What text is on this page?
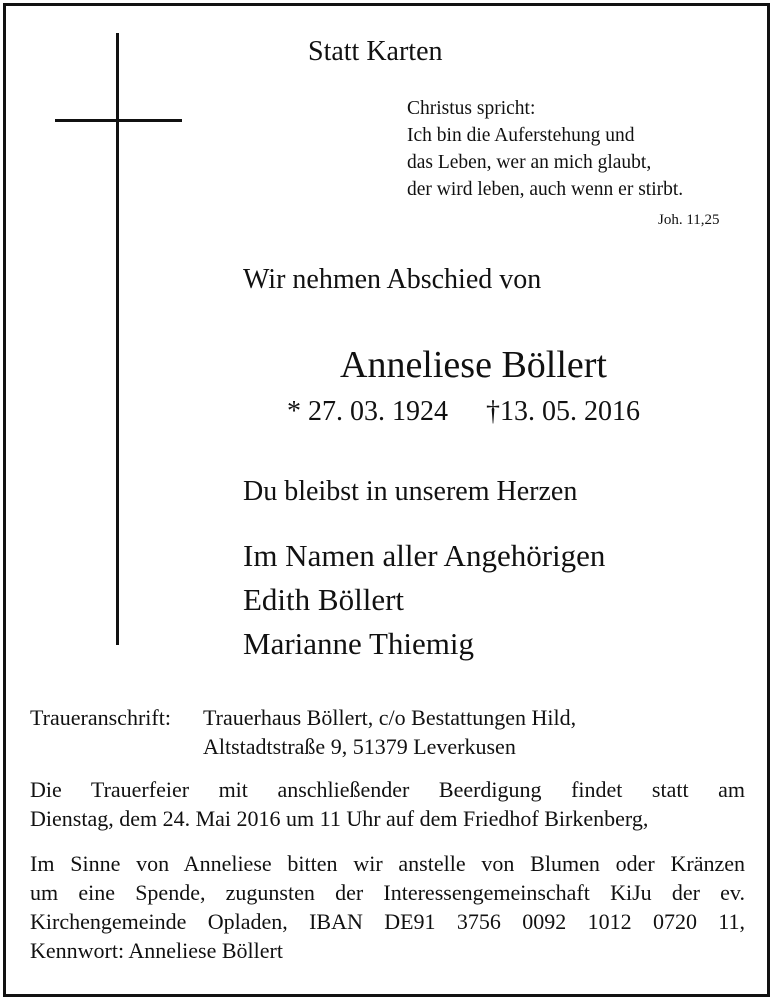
Statt Karten
Christus spricht:
Ich bin die Auferstehung und
das Leben, wer an mich glaubt,
der wird leben, auch wenn er stirbt.
Joh. 11,25
Wir nehmen Abschied von
Anneliese Böllert
* 27. 03. 1924 †13. 05. 2016
Du bleibst in unserem Herzen
Im Namen aller Angehörigen
Edith Böllert
Marianne Thiemig
Traueranschrift: Trauerhaus Böllert, c/o Bestattungen Hild,
Altstadtstraße 9, 51379 Leverkusen
Die Trauerfeier mit anschließender Beerdigung findet statt am
Dienstag, dem 24. Mai 2016 um 11 Uhr auf dem Friedhof Birkenberg,
Im Sinne von Anneliese bitten wir anstelle von Blumen oder Kränzen
um eine Spende, zugunsten der Interessengemeinschaft KiJu der ev.
Kirchengemeinde Opladen, IBAN DE91 3756 0092 1012 0720 11,
Kennwort: Anneliese Böllert
